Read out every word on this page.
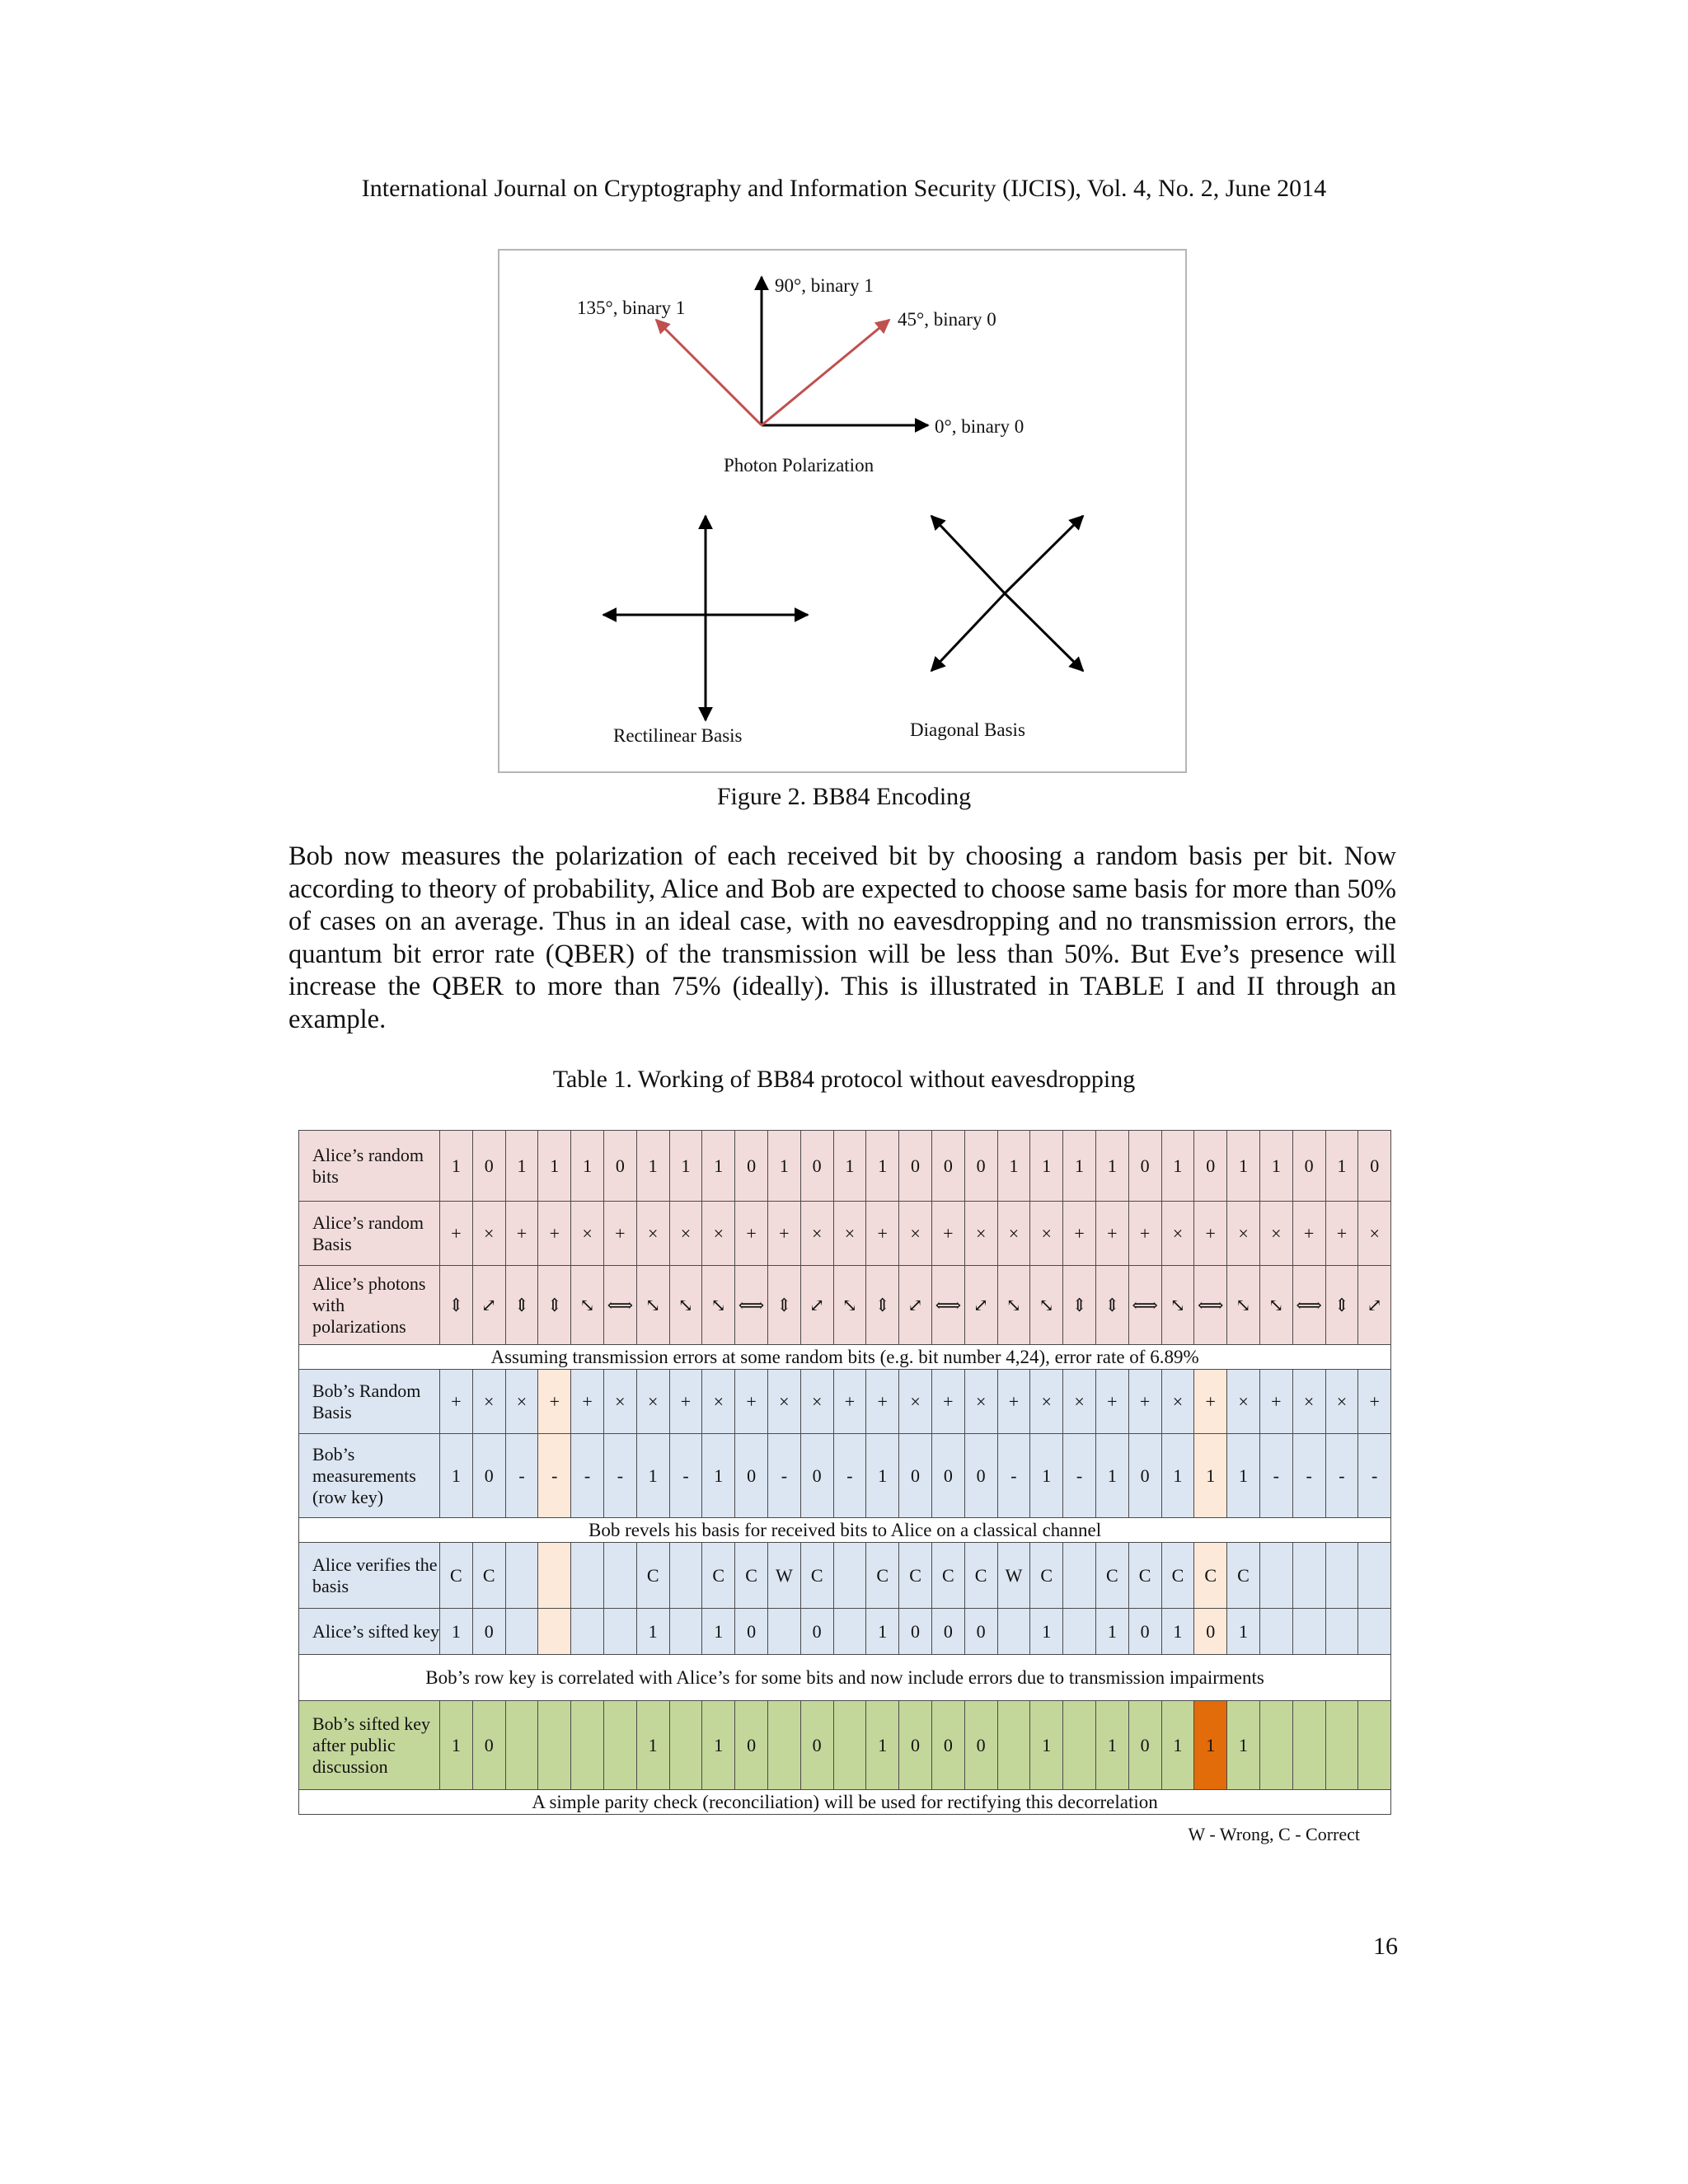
International Journal on Cryptography and Information Security (IJCIS), Vol. 4, No. 2, June 2014
90°, binary 1
135°, binary 1
45°, binary 0
0°, binary 0
Photon Polarization
Rectilinear Basis	Diagonal Basis
Figure 2. BB84 Encoding
Bob now measures the polarization of each received bit by choosing a random basis per bit. Now according to theory of probability, Alice and Bob are expected to choose same basis for more than 50% of cases on an average. Thus in an ideal case, with no eavesdropping and no transmission errors, the quantum bit error rate (QBER) of the transmission will be less than 50%. But Eve’s presence will increase the QBER to more than 75% (ideally). This is illustrated in TABLE I and II through an example.
Table 1. Working of BB84 protocol without eavesdropping
Alice’s random bits	1	0	1	1	1	0	1	1	1	0	1	0	1	1	0	0	0	1	1	1	1	0	1	0	1	1	0	1	0
Alice’s random Basis	+	×	+	+	×	+	×	×	×	+	+	×	×	+	×	+	×	×	×	+	+	+	×	+	×	×	+	+	×
Alice’s photons with polarizations	⇕	⤢	⇕	⇕	⤡	⟺	⤡	⤡	⤡	⟺	⇕	⤢	⤡	⇕	⤢	⟺	⤢	⤡	⤡	⇕	⇕	⟺	⤡	⟺	⤡	⤡	⟺	⇕	⤢
Assuming transmission errors at some random bits (e.g. bit number 4,24), error rate of 6.89%																													
Bob’s Random Basis	+	×	×	+	+	×	×	+	×	+	×	×	+	+	×	+	×	+	×	×	+	+	×	+	×	+	×	×	+
Bob’s measurements (row key)	1	0	-	-	-	-	1	-	1	0	-	0	-	1	0	0	0	-	1	-	1	0	1	1	1	-	-	-	-
Bob revels his basis for received bits to Alice on a classical channel																													
Alice verifies the basis	C	C					C		C	C	W	C		C	C	C	C	W	C		C	C	C	C	C				
Alice’s sifted key	1	0					1		1	0		0		1	0	0	0		1		1	0	1	0	1				
Bob’s row key is correlated with Alice’s for some bits and now include errors due to transmission impairments																													
Bob’s sifted key after public discussion	1	0					1		1	0		0		1	0	0	0		1		1	0	1	1	1				
A simple parity check (reconciliation) will be used for rectifying this decorrelation																													
W - Wrong, C - Correct
16
